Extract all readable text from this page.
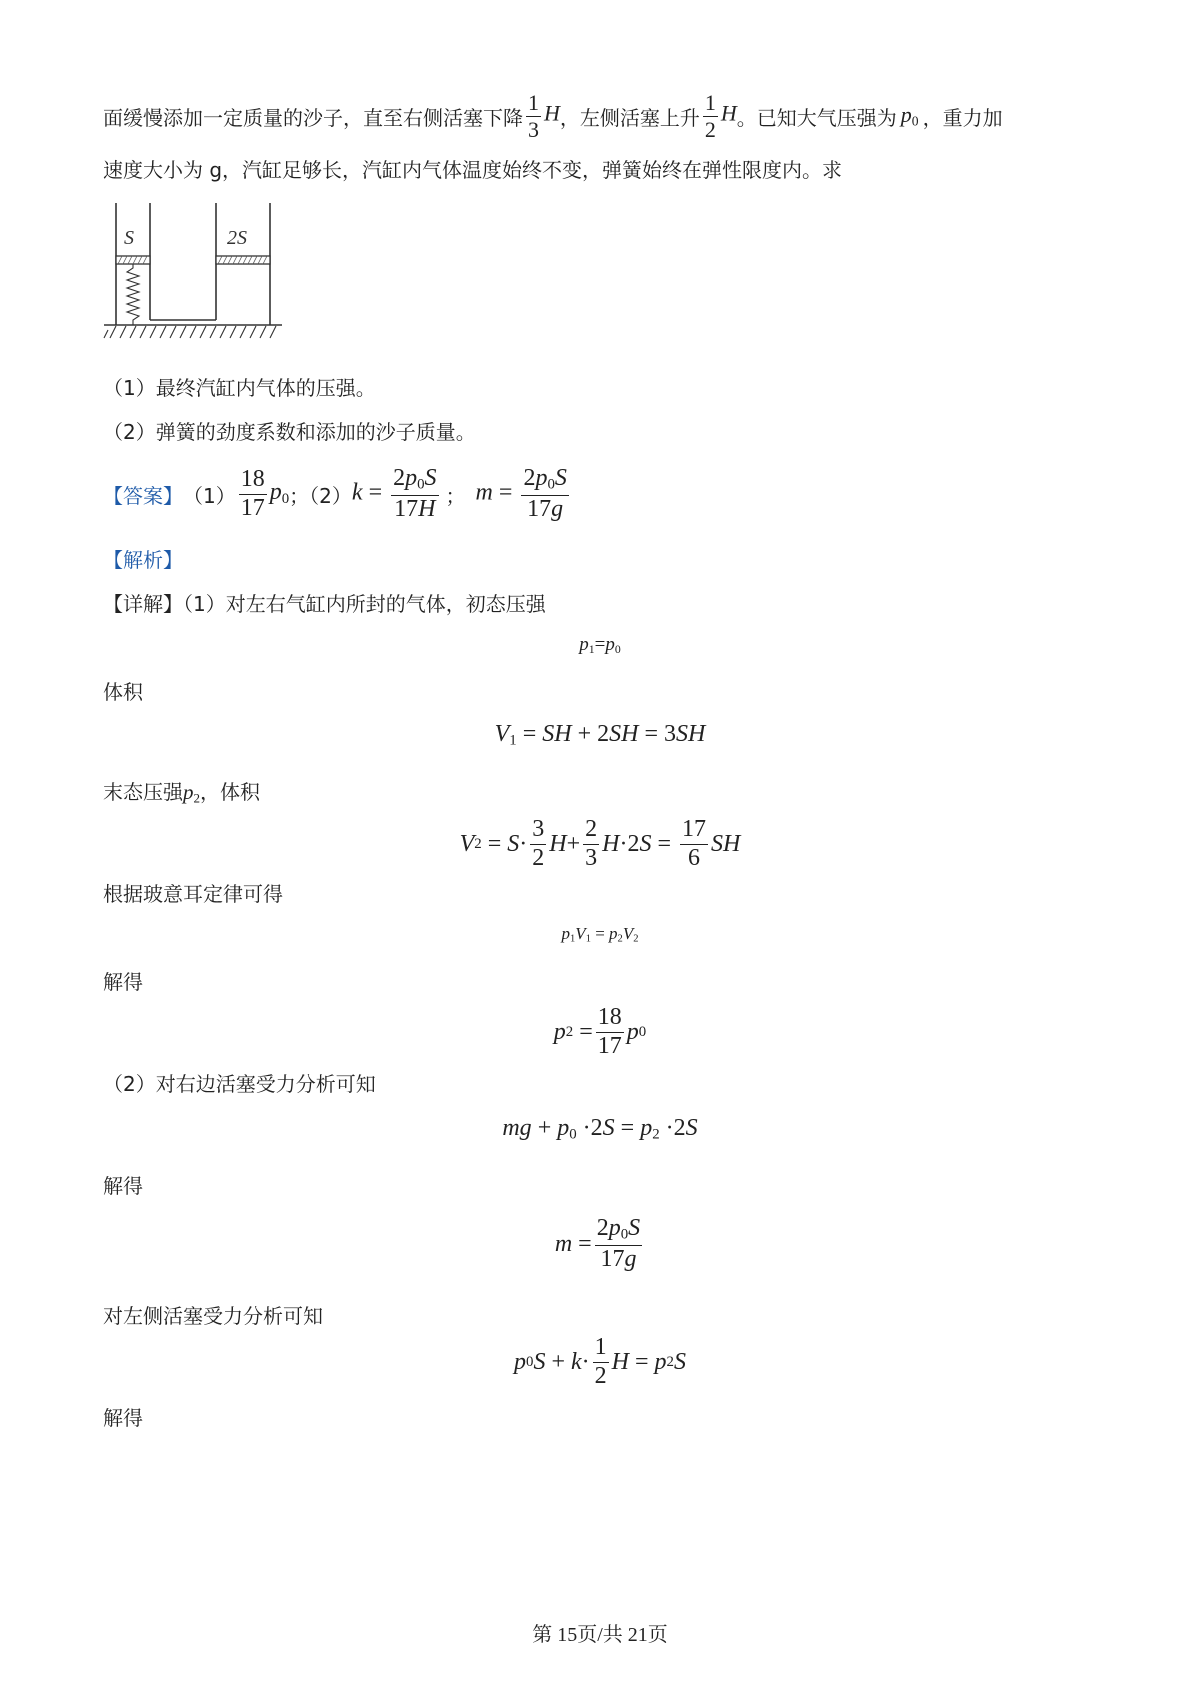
面缓慢添加一定质量的沙子，直至右侧活塞下降 $\frac{1}{3}$ H ，左侧活塞上升 $\frac{1}{2}$ H 。已知大气压强为 $p_0$ ，重力加
速度大小为 g，汽缸足够长，汽缸内气体温度始终不变，弹簧始终在弹性限度内。求
S	2S
（1）最终汽缸内气体的压强。
（2）弹簧的劲度系数和添加的沙子质量。
【答案】 $(1) \frac{18}{17} p_0$ ；（2） $k = \frac{2p_0S}{17H}$ ； $m = \frac{2p_0S}{17g}$
【解析】
【详解】（1）对左右气缸内所封的气体，初态压强
$p_1=p_0$
体积
$V_1$ = SH + 2SH = 3SH
末态压强$p_2$，体积
V 2
= $S \cdot \frac{3}{2}$ $H + \frac{2}{3}$ H ·2 $S = \frac{17}{6}$ SH
根据玻意耳定律可得
$p_1V_1 = p_2V_2$
解得
p 2
= $\frac{18}{17}$ p 0
（2）对右边活塞受力分析可知
mg + $p_0 \cdot 2S = p_2 \cdot 2S$
解得
$m = \frac{2p_0S}{17g}$
对左侧活塞受力分析可知
p 0 $S + k \cdot \frac{1}{2}$ H = p 2 S
解得
第 15页/共 21页
